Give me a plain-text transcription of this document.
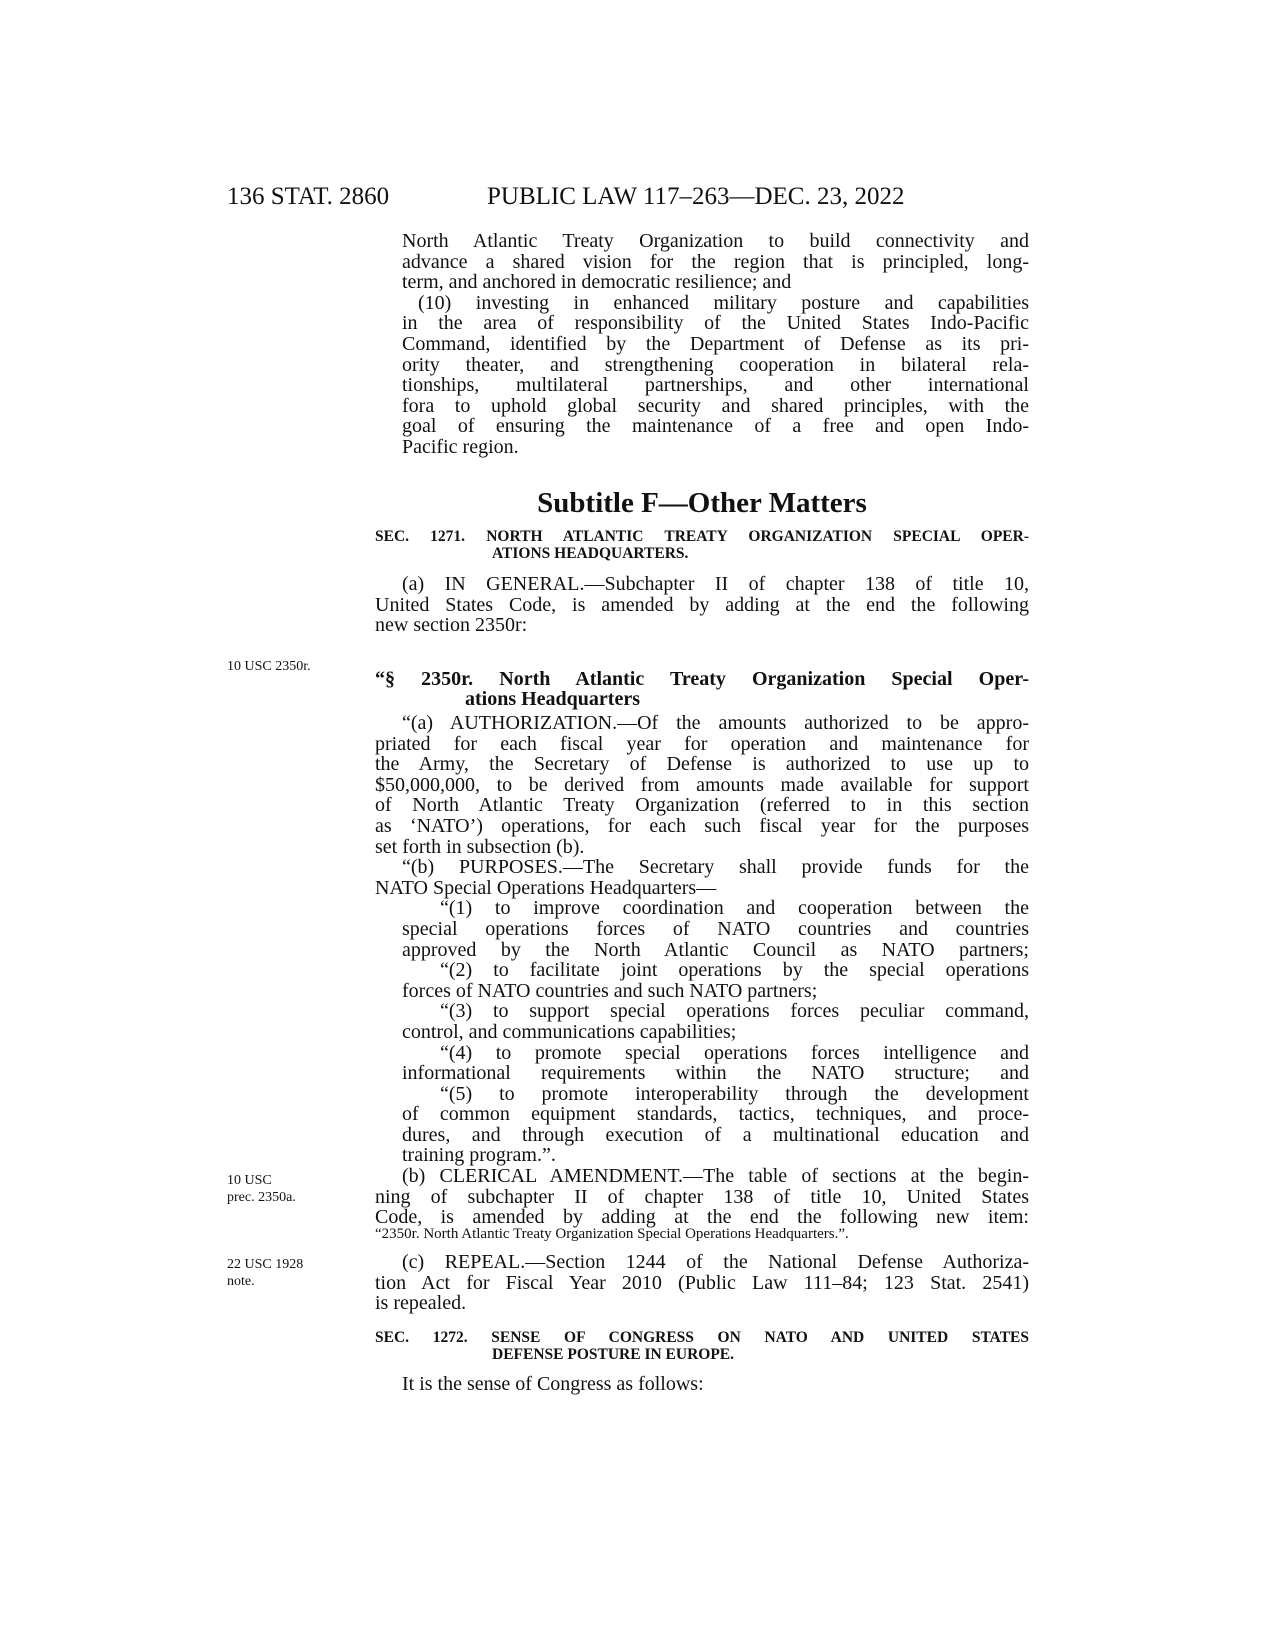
136 STAT. 2860	PUBLIC LAW 117–263—DEC. 23, 2022
North Atlantic Treaty Organization to build connectivity and
advance a shared vision for the region that is principled, long-
term, and anchored in democratic resilience; and
(10) investing in enhanced military posture and capabilities
in the area of responsibility of the United States Indo-Pacific
Command, identified by the Department of Defense as its pri-
ority theater, and strengthening cooperation in bilateral rela-
tionships, multilateral partnerships, and other international
fora to uphold global security and shared principles, with the
goal of ensuring the maintenance of a free and open Indo-
Pacific region.
Subtitle F—Other Matters
SEC. 1271. NORTH ATLANTIC TREATY ORGANIZATION SPECIAL OPER-
ATIONS HEADQUARTERS.
(a) IN GENERAL.—Subchapter II of chapter 138 of title 10,
United States Code, is amended by adding at the end the following
new section 2350r:
10 USC 2350r.
“§ 2350r. North Atlantic Treaty Organization Special Oper-
ations Headquarters
“(a) AUTHORIZATION.—Of the amounts authorized to be appro-
priated for each fiscal year for operation and maintenance for
the Army, the Secretary of Defense is authorized to use up to
$50,000,000, to be derived from amounts made available for support
of North Atlantic Treaty Organization (referred to in this section
as ‘NATO’) operations, for each such fiscal year for the purposes
set forth in subsection (b).
“(b) PURPOSES.—The Secretary shall provide funds for the
NATO Special Operations Headquarters—
“(1) to improve coordination and cooperation between the
special operations forces of NATO countries and countries
approved by the North Atlantic Council as NATO partners;
“(2) to facilitate joint operations by the special operations
forces of NATO countries and such NATO partners;
“(3) to support special operations forces peculiar command,
control, and communications capabilities;
“(4) to promote special operations forces intelligence and
informational requirements within the NATO structure; and
“(5) to promote interoperability through the development
of common equipment standards, tactics, techniques, and proce-
dures, and through execution of a multinational education and
training program.”.
(b) CLERICAL AMENDMENT.—The table of sections at the begin-
ning of subchapter II of chapter 138 of title 10, United States
Code, is amended by adding at the end the following new item:
10 USC
prec. 2350a.
“2350r. North Atlantic Treaty Organization Special Operations Headquarters.”.
(c) REPEAL.—Section 1244 of the National Defense Authoriza-
tion Act for Fiscal Year 2010 (Public Law 111–84; 123 Stat. 2541)
is repealed.
22 USC 1928
note.
SEC. 1272. SENSE OF CONGRESS ON NATO AND UNITED STATES
DEFENSE POSTURE IN EUROPE.
It is the sense of Congress as follows:
